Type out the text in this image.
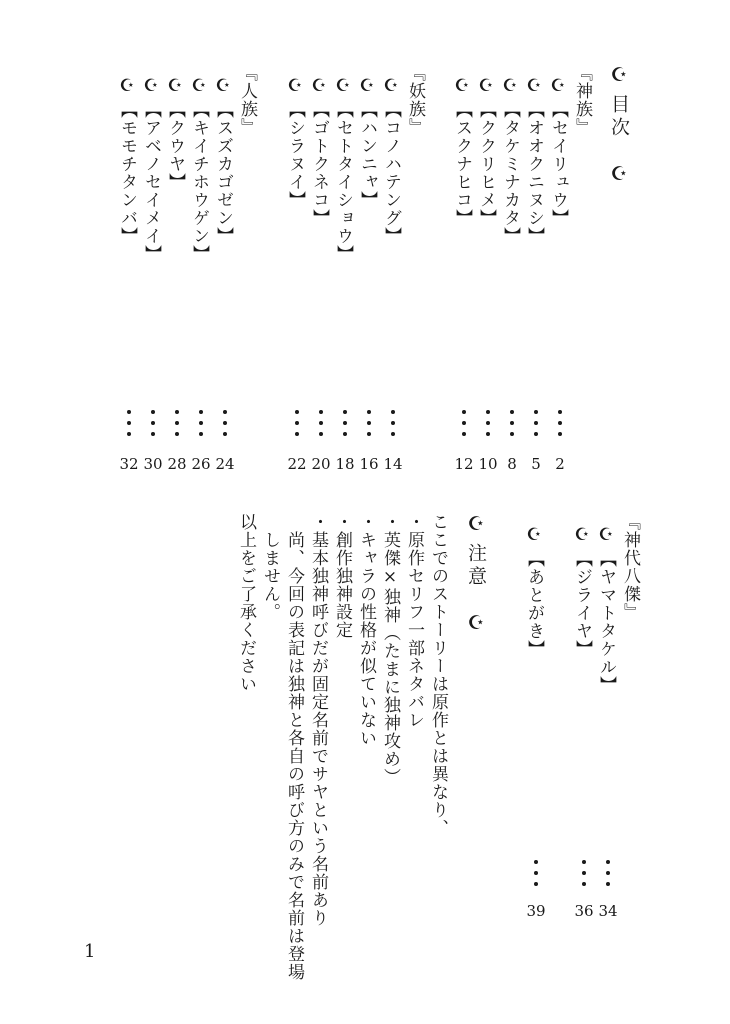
☪目次　☪
『神族』
☪【セイリュウ】
☪【オオクニヌシ】
☪【タケミナカタ】
☪【ククリヒメ】
☪【スクナヒコ】
『妖族』
☪【コノハテング】
☪【ハンニャ】
☪【セトタイショウ】
☪【ゴトクネコ】
☪【シラヌイ】
『人族』
☪【スズカゴゼン】
☪【キイチホウゲン】
☪【クウヤ】
☪【アベノセイメイ】
☪【モモチタンバ】
2
5
8
10
12
14
16
18
20
22
24
26
28
30
32
『神代八傑』
☪【ヤマトタケル】
☪【ジライヤ】
☪【あとがき】
34
36
39
☪注意　☪
ここでのストーリーは原作とは異なり、
・原作セリフ一部ネタバレ
・英傑×独神（たまに独神攻め）
・キャラの性格が似ていない
・創作独神設定
・基本独神呼びだが固定名前でサヤという名前あり
　尚、今回の表記は独神と各自の呼び方のみで名前は登場
　しません。
以上をご了承ください
1
